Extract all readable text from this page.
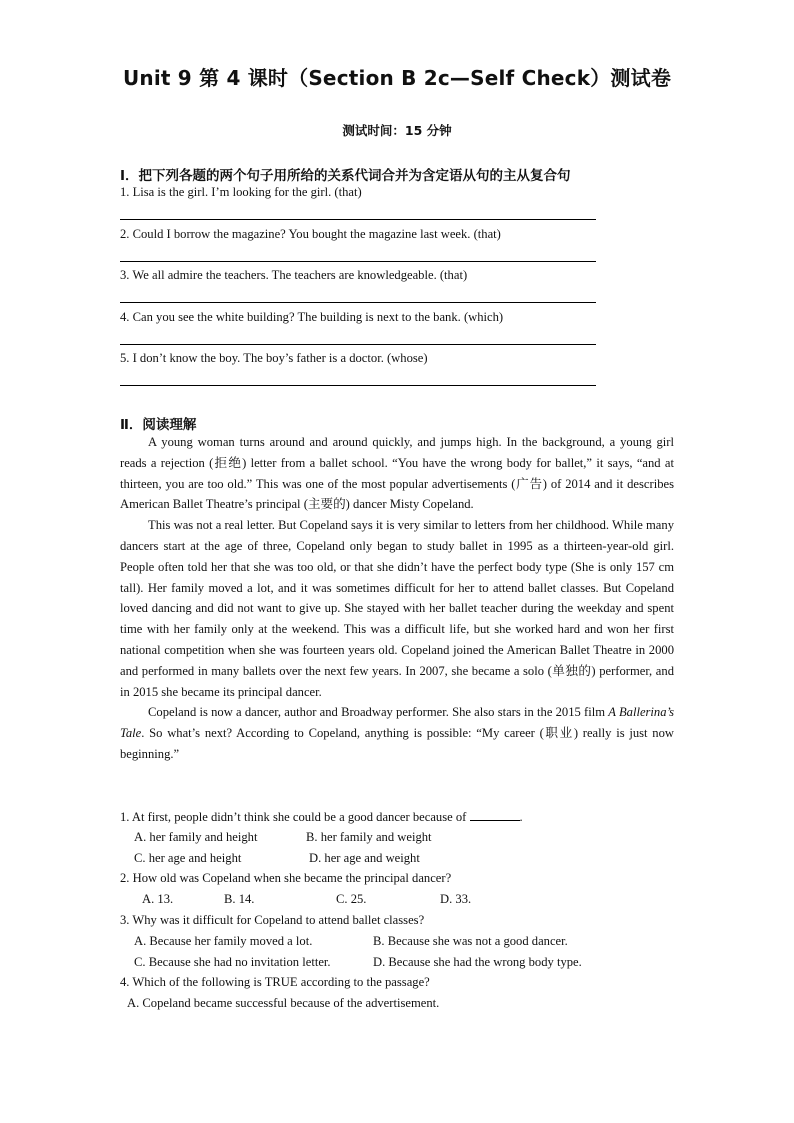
Unit 9 第 4 课时（Section B 2c—Self Check）测试卷
测试时间：15 分钟
Ⅰ．把下列各题的两个句子用所给的关系代词合并为含定语从句的主从复合句
1. Lisa is the girl. I’m looking for the girl. (that)
2. Could I borrow the magazine? You bought the magazine last week. (that)
3. We all admire the teachers. The teachers are knowledgeable. (that)
4. Can you see the white building? The building is next to the bank. (which)
5. I don’t know the boy. The boy’s father is a doctor. (whose)
Ⅱ．阅读理解

A young woman turns around and around quickly, and jumps high. In the background, a young girl reads a rejection (拒绝) letter from a ballet school. “You have the wrong body for ballet,” it says, “and at thirteen, you are too old.” This was one of the most popular advertisements (广告) of 2014 and it describes American Ballet Theatre’s principal (主要的) dancer Misty Copeland.

This was not a real letter. But Copeland says it is very similar to letters from her childhood. While many dancers start at the age of three, Copeland only began to study ballet in 1995 as a thirteen-year-old girl. People often told her that she was too old, or that she didn’t have the perfect body type (She is only 157 cm tall). Her family moved a lot, and it was sometimes difficult for her to attend ballet classes. But Copeland loved dancing and did not want to give up. She stayed with her ballet teacher during the weekday and spent time with her family only at the weekend. This was a difficult life, but she worked hard and won her first national competition when she was fourteen years old. Copeland joined the American Ballet Theatre in 2000 and performed in many ballets over the next few years. In 2007, she became a solo (单独的) performer, and in 2015 she became its principal dancer.

Copeland is now a dancer, author and Broadway performer. She also stars in the 2015 film A Ballerina’s Tale. So what’s next? According to Copeland, anything is possible: “My career (职业) really is just now beginning.”

1. At first, people didn’t think she could be a good dancer because of	.
A. her family and height	B. her family and weight
C. her age and height	D. her age and weight
2. How old was Copeland when she became the principal dancer?
A. 13.	B. 14.	C. 25.	D. 33.
3. Why was it difficult for Copeland to attend ballet classes?
A. Because her family moved a lot.	B. Because she was not a good dancer.
C. Because she had no invitation letter.	D. Because she had the wrong body type.
4. Which of the following is TRUE according to the passage?
A. Copeland became successful because of the advertisement.
